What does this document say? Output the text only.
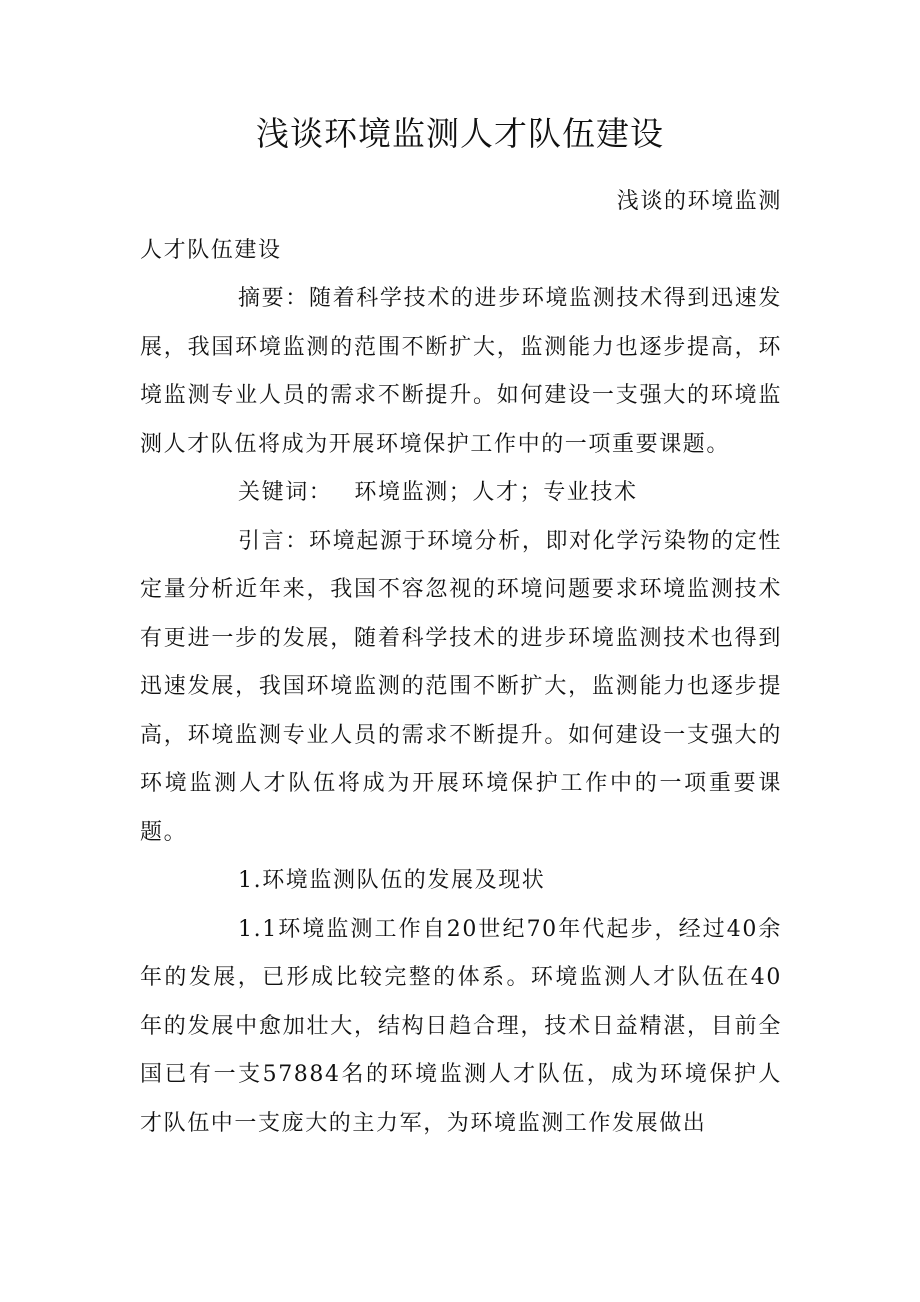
浅谈环境监测人才队伍建设

浅谈的环境监测

人才队伍建设

摘要：随着科学技术的进步环境监测技术得到迅速发展，我国环境监测的范围不断扩大，监测能力也逐步提高，环境监测专业人员的需求不断提升。如何建设一支强大的环境监测人才队伍将成为开展环境保护工作中的一项重要课题。

关键词： 环境监测；人才；专业技术

引言：环境起源于环境分析，即对化学污染物的定性定量分析近年来，我国不容忽视的环境问题要求环境监测技术有更进一步的发展，随着科学技术的进步环境监测技术也得到迅速发展，我国环境监测的范围不断扩大，监测能力也逐步提高，环境监测专业人员的需求不断提升。如何建设一支强大的环境监测人才队伍将成为开展环境保护工作中的一项重要课题。

1.环境监测队伍的发展及现状

1.1环境监测工作自20世纪70年代起步，经过40余年的发展，已形成比较完整的体系。环境监测人才队伍在40年的发展中愈加壮大，结构日趋合理，技术日益精湛，目前全国已有一支57884名的环境监测人才队伍，成为环境保护人才队伍中一支庞大的主力军，为环境监测工作发展做出
